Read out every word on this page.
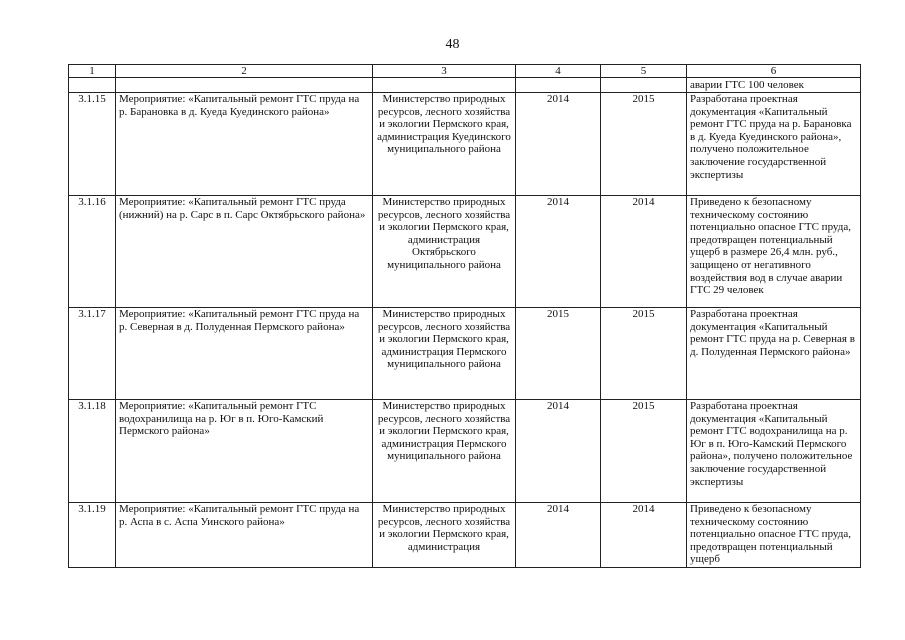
48
1	2	3	4	5	6
					аварии ГТС 100 человек
3.1.15	Мероприятие: «Капитальный ремонт ГТС пруда на р. Барановка в д. Куеда Куединского района»	Министерство природных ресурсов, лесного хозяйства и экологии Пермского края, администрация Куединского муниципального района	2014	2015	Разработана проектная документация «Капитальный ремонт ГТС пруда на р. Барановка в д. Куеда Куединского района», получено положительное заключение государственной экспертизы
3.1.16	Мероприятие: «Капитальный ремонт ГТС пруда (нижний) на р. Сарс в п. Сарс Октябрьского района»	Министерство природных ресурсов, лесного хозяйства и экологии Пермского края, администрация Октябрьского муниципального района	2014	2014	Приведено к безопасному техническому состоянию потенциально опасное ГТС пруда, предотвращен потенциальный ущерб в размере 26,4 млн. руб., защищено от негативного воздействия вод в случае аварии ГТС 29 человек
3.1.17	Мероприятие: «Капитальный ремонт ГТС пруда на р. Северная в д. Полуденная Пермского района»	Министерство природных ресурсов, лесного хозяйства и экологии Пермского края, администрация Пермского муниципального района	2015	2015	Разработана проектная документация «Капитальный ремонт ГТС пруда на р. Северная в д. Полуденная Пермского района»
3.1.18	Мероприятие: «Капитальный ремонт ГТС водохранилища на р. Юг в п. Юго-Камский Пермского района»	Министерство природных ресурсов, лесного хозяйства и экологии Пермского края, администрация Пермского муниципального района	2014	2015	Разработана проектная документация «Капитальный ремонт ГТС водохранилища на р. Юг в п. Юго-Камский Пермского района», получено положительное заключение государственной экспертизы
3.1.19	Мероприятие: «Капитальный ремонт ГТС пруда на р. Аспа в с. Аспа Уинского района»	Министерство природных ресурсов, лесного хозяйства и экологии Пермского края, администрация	2014	2014	Приведено к безопасному техническому состоянию потенциально опасное ГТС пруда, предотвращен потенциальный ущерб
